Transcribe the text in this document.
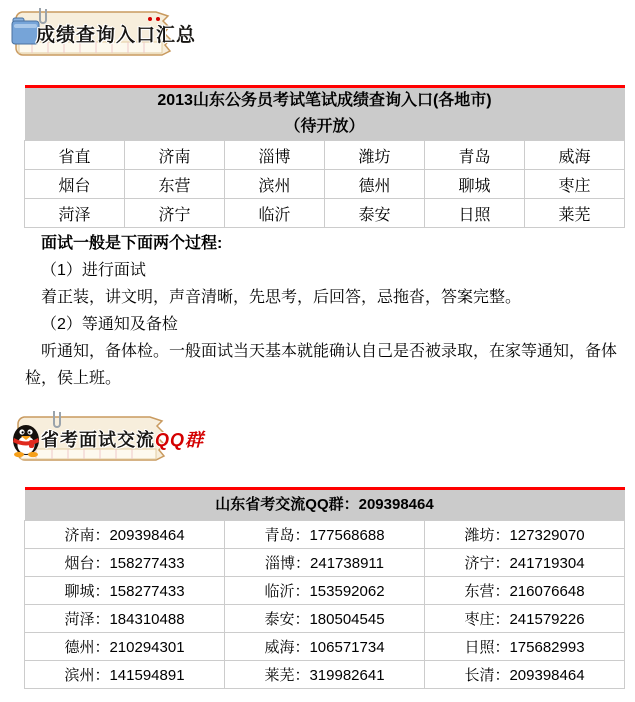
成绩查询入口汇总
2013山东公务员考试笔试成绩查询入口(各地市)
（待开放）					

省直	济南	淄博	潍坊	青岛	威海
烟台	东营	滨州	德州	聊城	枣庄
菏泽	济宁	临沂	泰安	日照	莱芜

面试一般是下面两个过程:

（1）进行面试

着正装，讲文明，声音清晰，先思考，后回答，忌拖沓，答案完整。

（2）等通知及备检

听通知，备体检。一般面试当天基本就能确认自己是否被录取，在家等通知，备体检，侯上班。

省考面试交流QQ群
山东省考交流QQ群：209398464		
济南：209398464	青岛：177568688	潍坊：127329070
烟台：158277433	淄博：241738911	济宁：241719304
聊城：158277433	临沂：153592062	东营：216076648
菏泽：184310488	泰安：180504545	枣庄：241579226
德州：210294301	威海：106571734	日照：175682993
滨州：141594891	莱芜：319982641	长清：209398464
